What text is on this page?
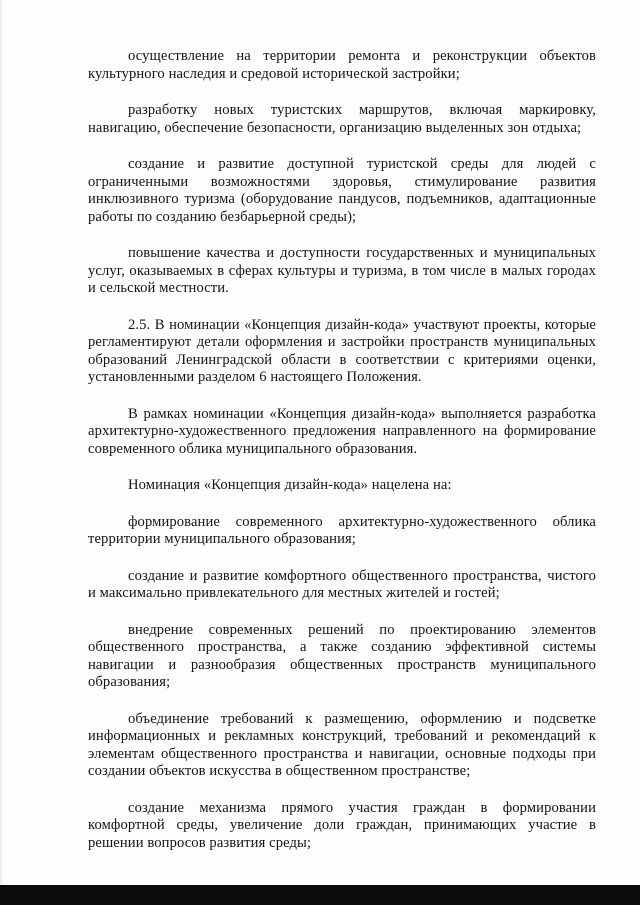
осуществление на территории ремонта и реконструкции объектов культурного наследия и средовой исторической застройки;

разработку новых туристских маршрутов, включая маркировку, навигацию, обеспечение безопасности, организацию выделенных зон отдыха;

создание и развитие доступной туристской среды для людей с ограниченными возможностями здоровья, стимулирование развития инклюзивного туризма (оборудование пандусов, подъемников, адаптационные работы по созданию безбарьерной среды);

повышение качества и доступности государственных и муниципальных услуг, оказываемых в сферах культуры и туризма, в том числе в малых городах и сельской местности.

2.5. В номинации «Концепция дизайн-кода» участвуют проекты, которые регламентируют детали оформления и застройки пространств муниципальных образований Ленинградской области в соответствии с критериями оценки, установленными разделом 6 настоящего Положения.

В рамках номинации «Концепция дизайн-кода» выполняется разработка архитектурно-художественного предложения направленного на формирование современного облика муниципального образования.

Номинация «Концепция дизайн-кода» нацелена на:

формирование современного архитектурно-художественного облика территории муниципального образования;

создание и развитие комфортного общественного пространства, чистого и максимально привлекательного для местных жителей и гостей;

внедрение современных решений по проектированию элементов общественного пространства, а также созданию эффективной системы навигации и разнообразия общественных пространств муниципального образования;

объединение требований к размещению, оформлению и подсветке информационных и рекламных конструкций, требований и рекомендаций к элементам общественного пространства и навигации, основные подходы при создании объектов искусства в общественном пространстве;

создание механизма прямого участия граждан в формировании комфортной среды, увеличение доли граждан, принимающих участие в решении вопросов развития среды;
